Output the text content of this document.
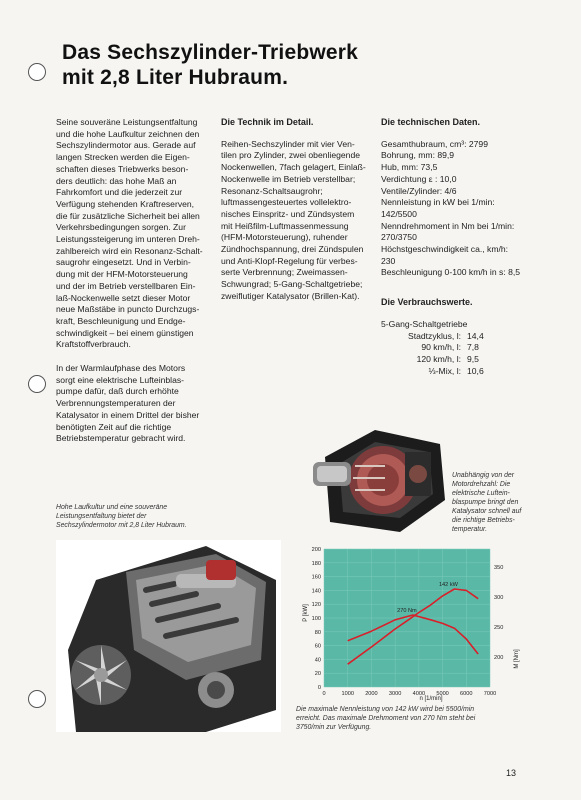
Das Sechszylinder-Triebwerk
mit 2,8 Liter Hubraum.

Seine souveräne Leistungsentfaltung
und die hohe Laufkultur zeichnen den
Sechszylindermotor aus. Gerade auf
langen Strecken werden die Eigen-
schaften dieses Triebwerks beson-
ders deutlich: das hohe Maß an
Fahrkomfort und die jederzeit zur
Verfügung stehenden Kraftreserven,
die für zusätzliche Sicherheit bei allen
Verkehrsbedingungen sorgen. Zur
Leistungssteigerung im unteren Dreh-
zahlbereich wird ein Resonanz-Schalt-
saugrohr eingesetzt. Und in Verbin-
dung mit der HFM-Motorsteuerung
und der im Betrieb verstellbaren Ein-
laß-Nockenwelle setzt dieser Motor
neue Maßstäbe in puncto Durchzugs-
kraft, Beschleunigung und Endge-
schwindigkeit – bei einem günstigen
Kraftstoffverbrauch.

In der Warmlaufphase des Motors
sorgt eine elektrische Lufteinblas-
pumpe dafür, daß durch erhöhte
Verbrennungstemperaturen der
Katalysator in einem Drittel der bisher
benötigten Zeit auf die richtige
Betriebstemperatur gebracht wird.

Die Technik im Detail.
Reihen-Sechszylinder mit vier Ven-
tilen pro Zylinder, zwei obenliegende
Nockenwellen, 7fach gelagert, Einlaß-
Nockenwelle im Betrieb verstellbar;
Resonanz-Schaltsaugrohr;
luftmassengesteuertes vollelektro-
nisches Einspritz- und Zündsystem
mit Heißfilm-Luftmassenmessung
(HFM-Motorsteuerung), ruhender
Zündhochspannung, drei Zündspulen
und Anti-Klopf-Regelung für verbes-
serte Verbrennung; Zweimassen-
Schwungrad; 5-Gang-Schaltgetriebe;
zweiflutiger Katalysator (Brillen-Kat).
Die technischen Daten.
Gesamthubraum, cm³: 2799
Bohrung, mm: 89,9
Hub, mm: 73,5
Verdichtung ε : 10,0
Ventile/Zylinder: 4/6
Nennleistung in kW bei 1/min:
142/5500
Nenndrehmoment in Nm bei 1/min:
270/3750
Höchstgeschwindigkeit ca., km/h:
230
Beschleunigung 0-100 km/h in s: 8,5
Die Verbrauchswerte.
5-Gang-Schaltgetriebe
Stadtzyklus, l: 14,4
90 km/h, l: 7,8
120 km/h, l: 9,5
⅓-Mix, l: 10,6
Unabhängig von der
Motordrehzahl: Die
elektrische Luftein-
blaspumpe bringt den
Katalysator schnell auf
die richtige Betriebs-
temperatur.
Hohe Laufkultur und eine souveräne
Leistungsentfaltung bietet der
Sechszylindermotor mit 2,8 Liter Hubraum.
142 kW
270 Nm
0
20
40
60
80
100
120
140
160
180
200
0	1000 2000 3000 4000 5000 6000 7000
200
250
300
350
P [kW]
M [Nm]
n [1/min]
Die maximale Nennleistung von 142 kW wird bei 5500/min
erreicht. Das maximale Drehmoment von 270 Nm steht bei
3750/min zur Verfügung.
13
